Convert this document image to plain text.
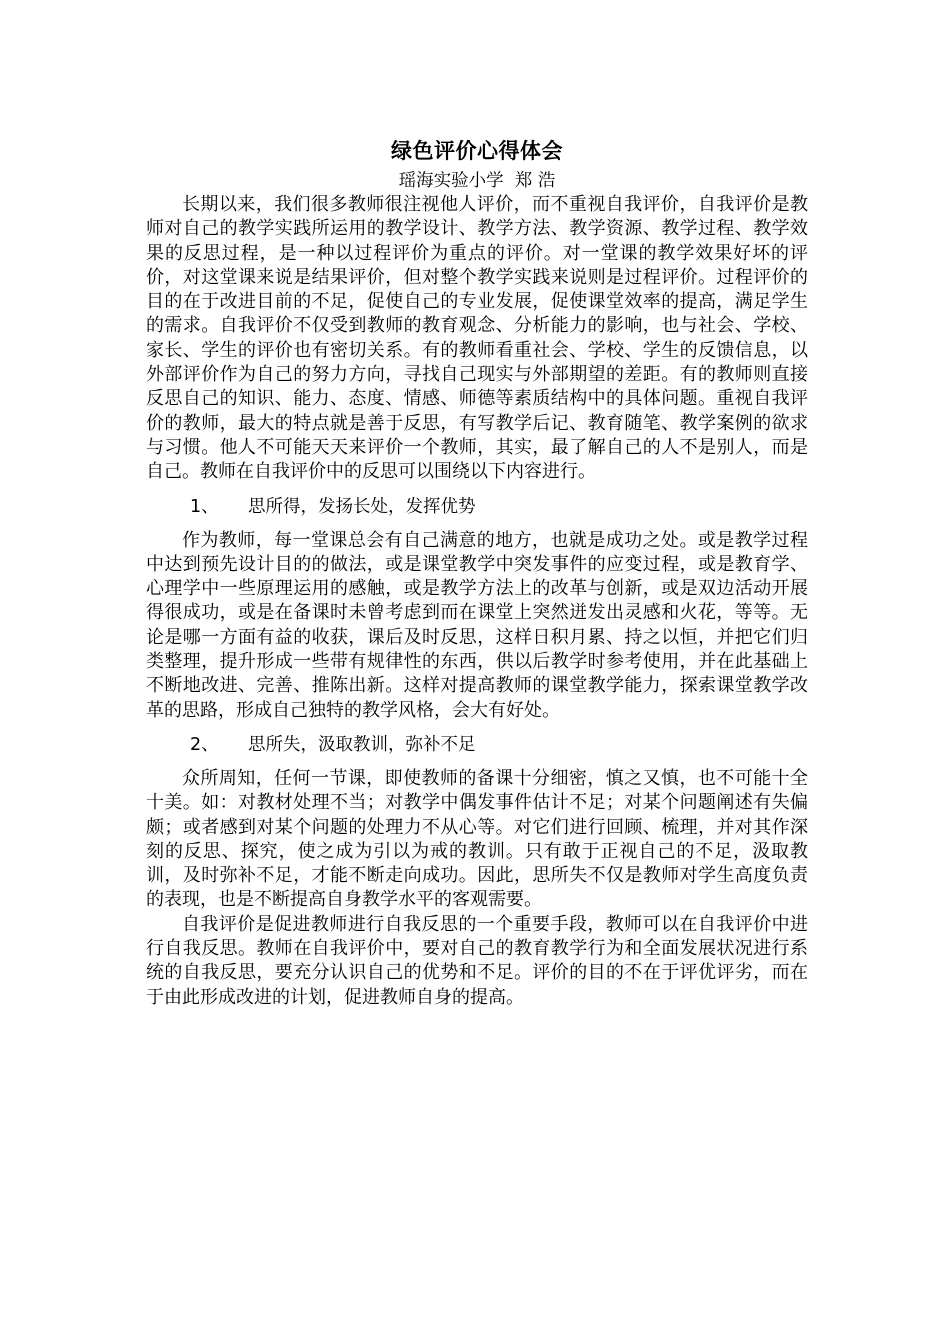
绿色评价心得体会
瑶海实验小学  郑 浩

长期以来，我们很多教师很注视他人评价，而不重视自我评价，自我评价是教师对自己的教学实践所运用的教学设计、教学方法、教学资源、教学过程、教学效果的反思过程，是一种以过程评价为重点的评价。对一堂课的教学效果好坏的评价，对这堂课来说是结果评价，但对整个教学实践来说则是过程评价。过程评价的目的在于改进目前的不足，促使自己的专业发展，促使课堂效率的提高，满足学生的需求。自我评价不仅受到教师的教育观念、分析能力的影响，也与社会、学校、家长、学生的评价也有密切关系。有的教师看重社会、学校、学生的反馈信息，以外部评价作为自己的努力方向，寻找自己现实与外部期望的差距。有的教师则直接反思自己的知识、能力、态度、情感、师德等素质结构中的具体问题。重视自我评价的教师，最大的特点就是善于反思，有写教学后记、教育随笔、教学案例的欲求与习惯。他人不可能天天来评价一个教师，其实，最了解自己的人不是别人，而是自己。教师在自我评价中的反思可以围绕以下内容进行。

1、 思所得，发扬长处，发挥优势

作为教师，每一堂课总会有自己满意的地方，也就是成功之处。或是教学过程中达到预先设计目的的做法，或是课堂教学中突发事件的应变过程，或是教育学、心理学中一些原理运用的感触，或是教学方法上的改革与创新，或是双边活动开展得很成功，或是在备课时未曾考虑到而在课堂上突然迸发出灵感和火花，等等。无论是哪一方面有益的收获，课后及时反思，这样日积月累、持之以恒，并把它们归类整理，提升形成一些带有规律性的东西，供以后教学时参考使用，并在此基础上不断地改进、完善、推陈出新。这样对提高教师的课堂教学能力，探索课堂教学改革的思路，形成自己独特的教学风格，会大有好处。

2、 思所失，汲取教训，弥补不足

众所周知，任何一节课，即使教师的备课十分细密，慎之又慎，也不可能十全十美。如：对教材处理不当；对教学中偶发事件估计不足；对某个问题阐述有失偏颇；或者感到对某个问题的处理力不从心等。对它们进行回顾、梳理，并对其作深刻的反思、探究，使之成为引以为戒的教训。只有敢于正视自己的不足，汲取教训，及时弥补不足，才能不断走向成功。因此，思所失不仅是教师对学生高度负责的表现，也是不断提高自身教学水平的客观需要。

自我评价是促进教师进行自我反思的一个重要手段，教师可以在自我评价中进行自我反思。教师在自我评价中，要对自己的教育教学行为和全面发展状况进行系统的自我反思，要充分认识自己的优势和不足。评价的目的不在于评优评劣，而在于由此形成改进的计划，促进教师自身的提高。
